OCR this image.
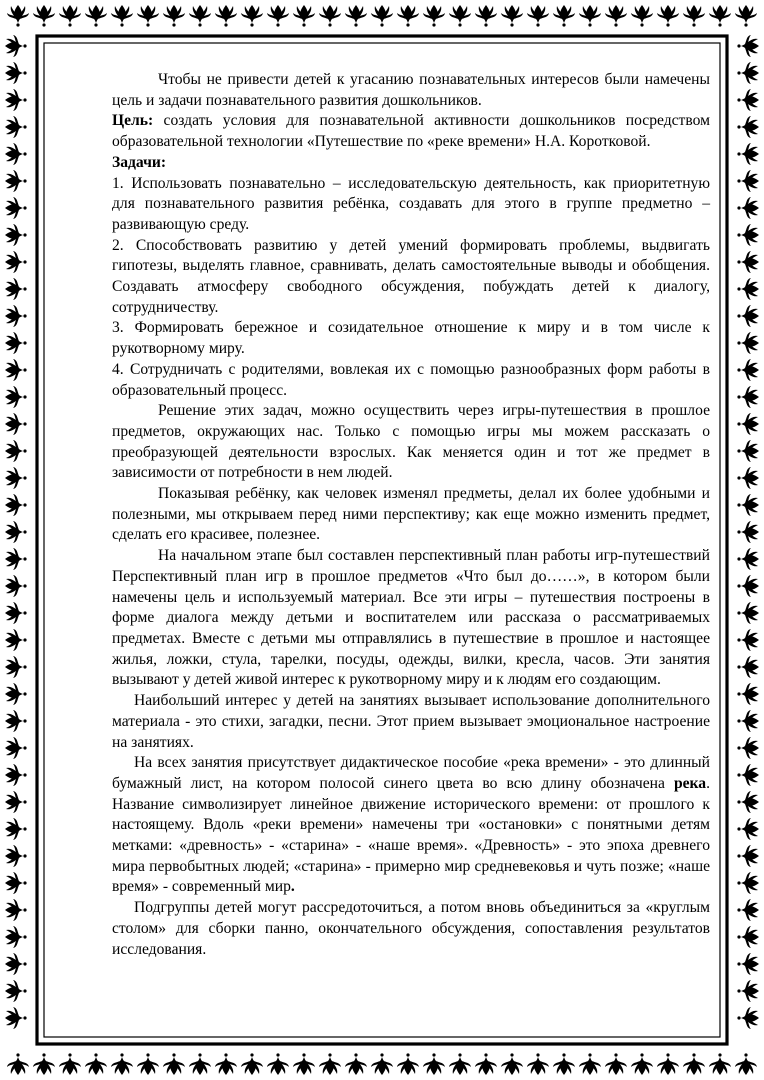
Чтобы не привести детей к угасанию познавательных интересов были намечены цель и задачи познавательного развития дошкольников.

Цель: создать условия для познавательной активности дошкольников посредством образовательной технологии «Путешествие по «реке времени» Н.А. Коротковой.

Задачи:

1. Использовать познавательно – исследовательскую деятельность, как приоритетную для познавательного развития ребёнка, создавать для этого в группе предметно – развивающую среду.

2. Способствовать развитию у детей умений формировать проблемы, выдвигать гипотезы, выделять главное, сравнивать, делать самостоятельные выводы и обобщения. Создавать атмосферу свободного обсуждения, побуждать детей к диалогу, сотрудничеству.

3. Формировать бережное и созидательное отношение к миру и в том числе к рукотворному миру.

4. Сотрудничать с родителями, вовлекая их с помощью разнообразных форм работы в образовательный процесс.

Решение этих задач, можно осуществить через игры-путешествия в прошлое предметов, окружающих нас. Только с помощью игры мы можем рассказать о преобразующей деятельности взрослых. Как меняется один и тот же предмет в зависимости от потребности в нем людей.

Показывая ребёнку, как человек изменял предметы, делал их более удобными и полезными, мы открываем перед ними перспективу; как еще можно изменить предмет, сделать его красивее, полезнее.

На начальном этапе был составлен перспективный план работы игр-путешествий Перспективный план игр в прошлое предметов «Что был до……», в котором были намечены цель и используемый материал. Все эти игры – путешествия построены в форме диалога между детьми и воспитателем или рассказа о рассматриваемых предметах. Вместе с детьми мы отправлялись в путешествие в прошлое и настоящее жилья, ложки, стула, тарелки, посуды, одежды, вилки, кресла, часов. Эти занятия вызывают у детей живой интерес к рукотворному миру и к людям его создающим.

Наибольший интерес у детей на занятиях вызывает использование дополнительного материала - это стихи, загадки, песни. Этот прием вызывает эмоциональное настроение на занятиях.

На всех занятия присутствует дидактическое пособие «река времени» - это длинный бумажный лист, на котором полосой синего цвета во всю длину обозначена река. Название символизирует линейное движение исторического времени: от прошлого к настоящему. Вдоль «реки времени» намечены три «остановки» с понятными детям метками: «древность» - «старина» - «наше время». «Древность» - это эпоха древнего мира первобытных людей; «старина» - примерно мир средневековья и чуть позже; «наше время» - современный мир.

Подгруппы детей могут рассредоточиться, а потом вновь объединиться за «круглым столом» для сборки панно, окончательного обсуждения, сопоставления результатов исследования.
